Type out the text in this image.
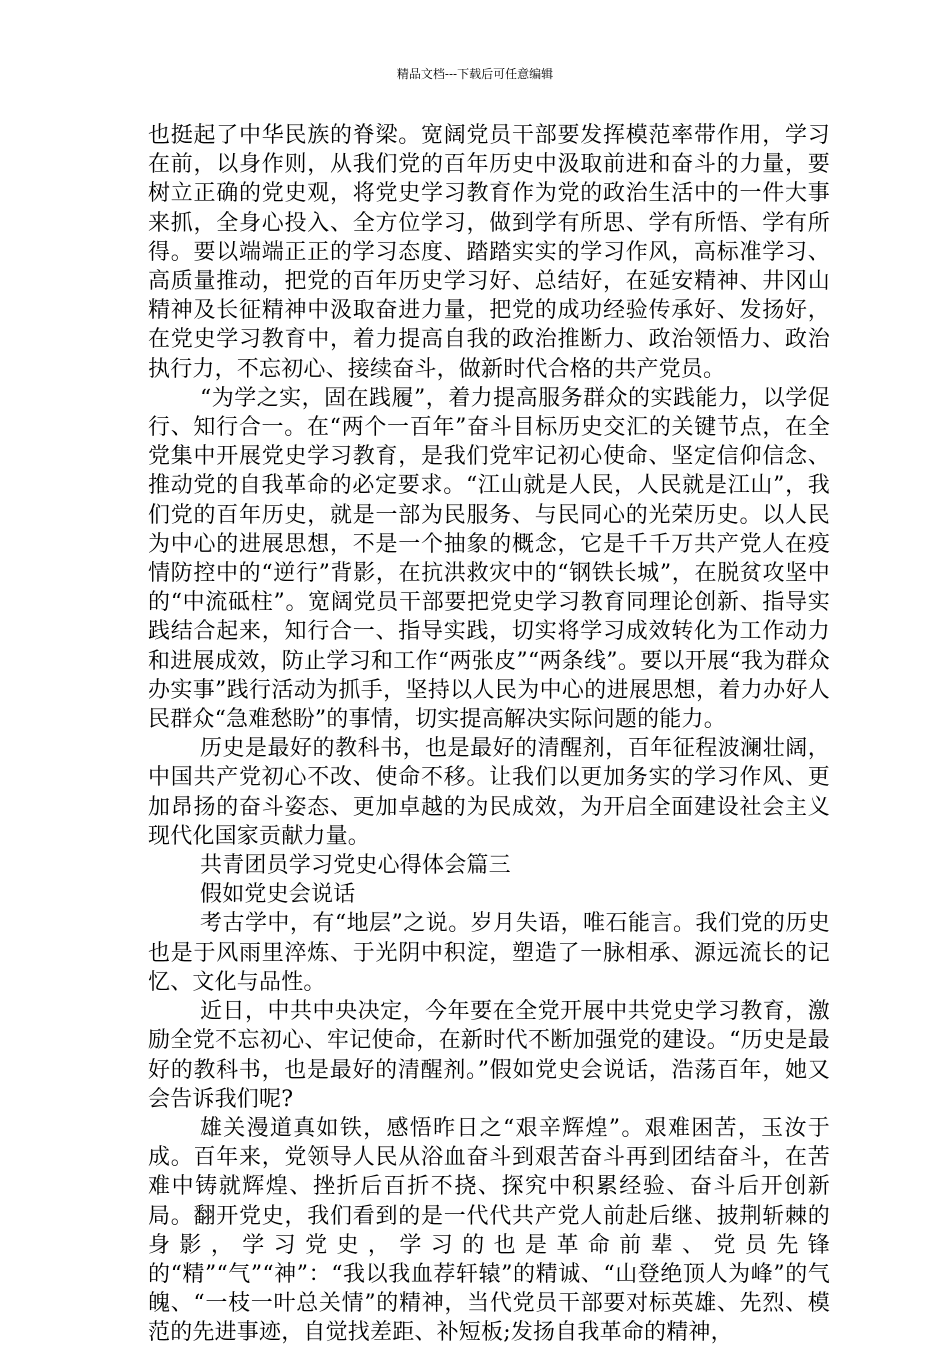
精品文档---下载后可任意编辑

也挺起了中华民族的脊梁。宽阔党员干部要发挥模范率带作用，学习在前，以身作则，从我们党的百年历史中汲取前进和奋斗的力量，要树立正确的党史观，将党史学习教育作为党的政治生活中的一件大事来抓，全身心投入、全方位学习，做到学有所思、学有所悟、学有所得。要以端端正正的学习态度、踏踏实实的学习作风，高标准学习、高质量推动，把党的百年历史学习好、总结好，在延安精神、井冈山精神及长征精神中汲取奋进力量，把党的成功经验传承好、发扬好，在党史学习教育中，着力提高自我的政治推断力、政治领悟力、政治执行力，不忘初心、接续奋斗，做新时代合格的共产党员。

“为学之实，固在践履”，着力提高服务群众的实践能力，以学促行、知行合一。在“两个一百年”奋斗目标历史交汇的关键节点，在全党集中开展党史学习教育，是我们党牢记初心使命、坚定信仰信念、推动党的自我革命的必定要求。“江山就是人民，人民就是江山”，我们党的百年历史，就是一部为民服务、与民同心的光荣历史。以人民为中心的进展思想，不是一个抽象的概念，它是千千万共产党人在疫情防控中的“逆行”背影，在抗洪救灾中的“钢铁长城”，在脱贫攻坚中的“中流砥柱”。宽阔党员干部要把党史学习教育同理论创新、指导实践结合起来，知行合一、指导实践，切实将学习成效转化为工作动力和进展成效，防止学习和工作“两张皮”“两条线”。要以开展“我为群众办实事”践行活动为抓手，坚持以人民为中心的进展思想，着力办好人民群众“急难愁盼”的事情，切实提高解决实际问题的能力。

历史是最好的教科书，也是最好的清醒剂，百年征程波澜壮阔，中国共产党初心不改、使命不移。让我们以更加务实的学习作风、更加昂扬的奋斗姿态、更加卓越的为民成效，为开启全面建设社会主义现代化国家贡献力量。

共青团员学习党史心得体会篇三

假如党史会说话

考古学中，有“地层”之说。岁月失语，唯石能言。我们党的历史也是于风雨里淬炼、于光阴中积淀，塑造了一脉相承、源远流长的记忆、文化与品性。

近日，中共中央决定，今年要在全党开展中共党史学习教育，激励全党不忘初心、牢记使命，在新时代不断加强党的建设。“历史是最好的教科书，也是最好的清醒剂。”假如党史会说话，浩荡百年，她又会告诉我们呢?

雄关漫道真如铁，感悟昨日之“艰辛辉煌”。艰难困苦，玉汝于成。百年来，党领导人民从浴血奋斗到艰苦奋斗再到团结奋斗，在苦难中铸就辉煌、挫折后百折不挠、探究中积累经验、奋斗后开创新局。翻开党史，我们看到的是一代代共产党人前赴后继、披荆斩棘的身影，学习党史，学习的也是革命前辈、党员先锋的“精”“气”“神”：“我以我血荐轩辕”的精诚、“山登绝顶人为峰”的气魄、“一枝一叶总关情”的精神，当代党员干部要对标英雄、先烈、模范的先进事迹，自觉找差距、补短板;发扬自我革命的精神，
